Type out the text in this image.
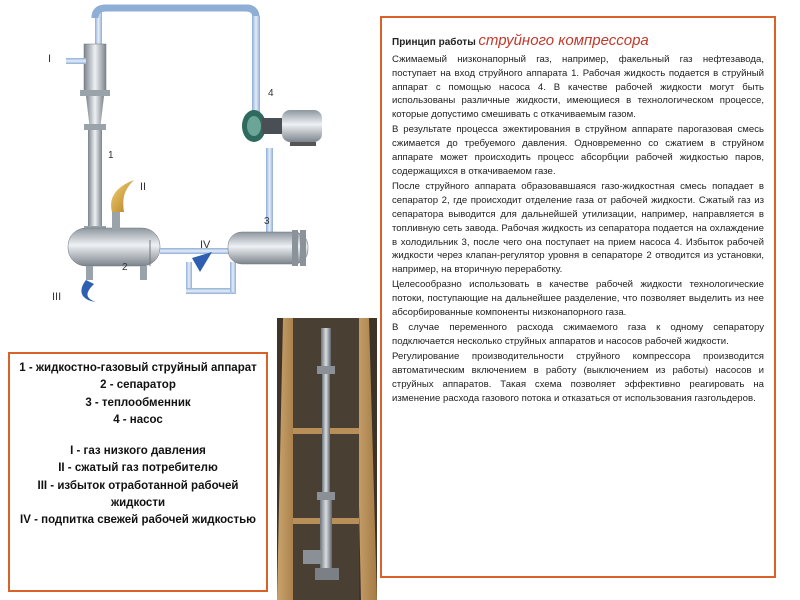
I
II
III
IV
1
2
3
4
Принцип работы струйного компрессора

Сжимаемый низконапорный газ, например, факельный газ нефтезавода, поступает на вход струйного аппарата 1. Рабочая жидкость подается в струйный аппарат с помощью насоса 4. В качестве рабочей жидкости могут быть использованы различные жидкости, имеющиеся в технологическом процессе, которые допустимо смешивать с откачиваемым газом.

В результате процесса эжектирования в струйном аппарате парогазовая смесь сжимается до требуемого давления. Одновременно со сжатием в струйном аппарате может происходить процесс абсорбции рабочей жидкостью паров, содержащихся в откачиваемом газе.

После струйного аппарата образовавшаяся газо-жидкостная смесь попадает в сепаратор 2, где происходит отделение газа от рабочей жидкости. Сжатый газ из сепаратора выводится для дальнейшей утилизации, например, направляется в топливную сеть завода. Рабочая жидкость из сепаратора подается на охлаждение в холодильник 3, после чего она поступает на прием насоса 4. Избыток рабочей жидкости через клапан-регулятор уровня в сепараторе 2 отводится из установки, например, на вторичную переработку.

Целесообразно использовать в качестве рабочей жидкости технологические потоки, поступающие на дальнейшее разделение, что позволяет выделить из нее абсорбированные компоненты низконапорного газа.

В случае переменного расхода сжимаемого газа к одному сепаратору подключается несколько струйных аппаратов и насосов рабочей жидкости.

Регулирование производительности струйного компрессора производится автоматическим включением в работу (выключением из работы) насосов и струйных аппаратов. Такая схема позволяет эффективно реагировать на изменение расхода газового потока и отказаться от использования газгольдеров.

1 - жидкостно-газовый струйный аппарат
2 - сепаратор
3 - теплообменник
4 - насос
I - газ низкого давления
II - сжатый газ потребителю
III - избыток отработанной рабочей жидкости
IV - подпитка свежей рабочей жидкостью
